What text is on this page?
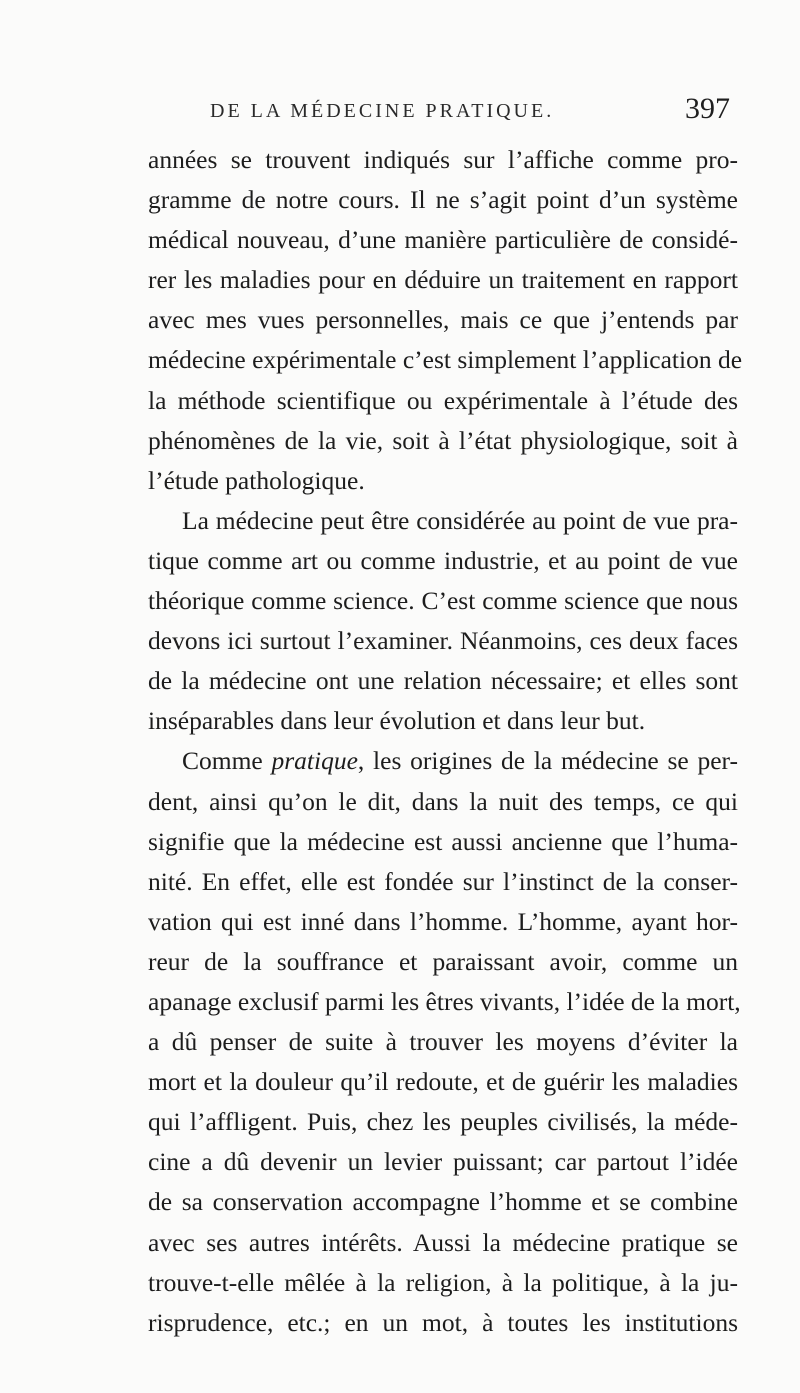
DE LA MÉDECINE PRATIQUE.	397
années se trouvent indiqués sur l’affiche comme pro-
gramme de notre cours. Il ne s’agit point d’un système
médical nouveau, d’une manière particulière de considé-
rer les maladies pour en déduire un traitement en rapport
avec mes vues personnelles, mais ce que j’entends par
médecine expérimentale c’est simplement l’application de
la méthode scientifique ou expérimentale à l’étude des
phénomènes de la vie, soit à l’état physiologique, soit à
l’étude pathologique.
La médecine peut être considérée au point de vue pra-
tique comme art ou comme industrie, et au point de vue
théorique comme science. C’est comme science que nous
devons ici surtout l’examiner. Néanmoins, ces deux faces
de la médecine ont une relation nécessaire; et elles sont
inséparables dans leur évolution et dans leur but.
Comme pratique, les origines de la médecine se per-
dent, ainsi qu’on le dit, dans la nuit des temps, ce qui
signifie que la médecine est aussi ancienne que l’huma-
nité. En effet, elle est fondée sur l’instinct de la conser-
vation qui est inné dans l’homme. L’homme, ayant hor-
reur de la souffrance et paraissant avoir, comme un
apanage exclusif parmi les êtres vivants, l’idée de la mort,
a dû penser de suite à trouver les moyens d’éviter la
mort et la douleur qu’il redoute, et de guérir les maladies
qui l’affligent. Puis, chez les peuples civilisés, la méde-
cine a dû devenir un levier puissant; car partout l’idée
de sa conservation accompagne l’homme et se combine
avec ses autres intérêts. Aussi la médecine pratique se
trouve-t-elle mêlée à la religion, à la politique, à la ju-
risprudence, etc.; en un mot, à toutes les institutions
